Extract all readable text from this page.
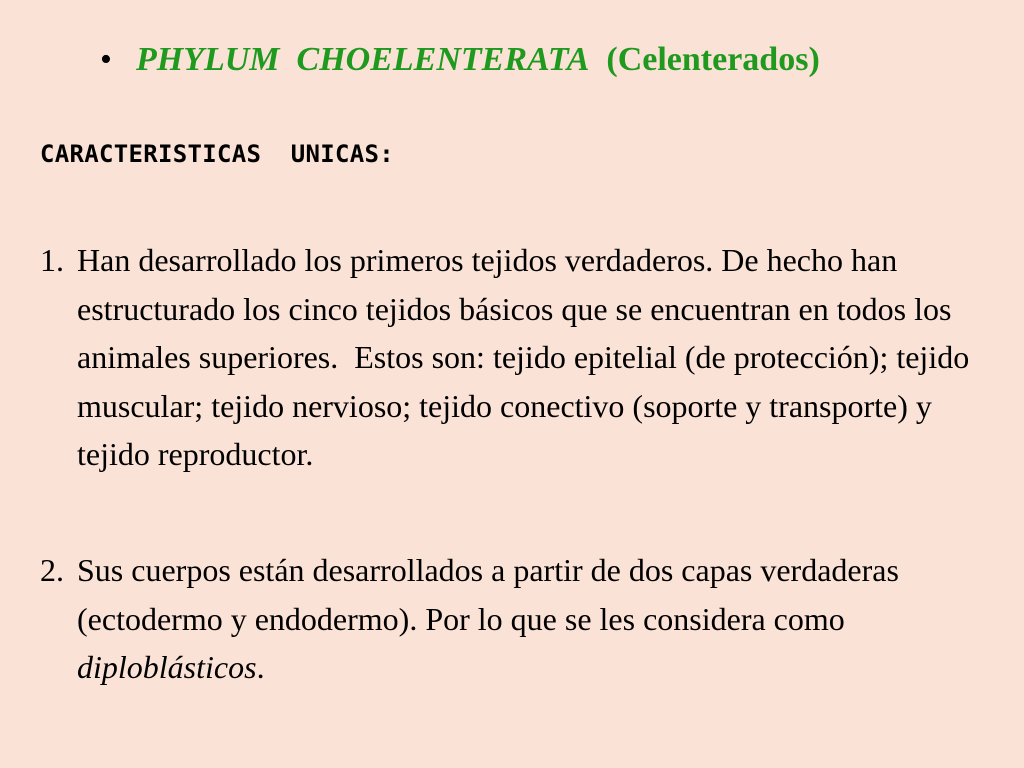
• PHYLUM  CHOELENTERATA (Celenterados)
CARACTERISTICAS  UNICAS:
1. Han desarrollado los primeros tejidos verdaderos. De hecho han estructurado los cinco tejidos básicos que se encuentran en todos los animales superiores.  Estos son: tejido epitelial (de protección); tejido muscular; tejido nervioso; tejido conectivo (soporte y transporte) y tejido reproductor.
2. Sus cuerpos están desarrollados a partir de dos capas verdaderas (ectodermo y endodermo). Por lo que se les considera como diploblásticos.
